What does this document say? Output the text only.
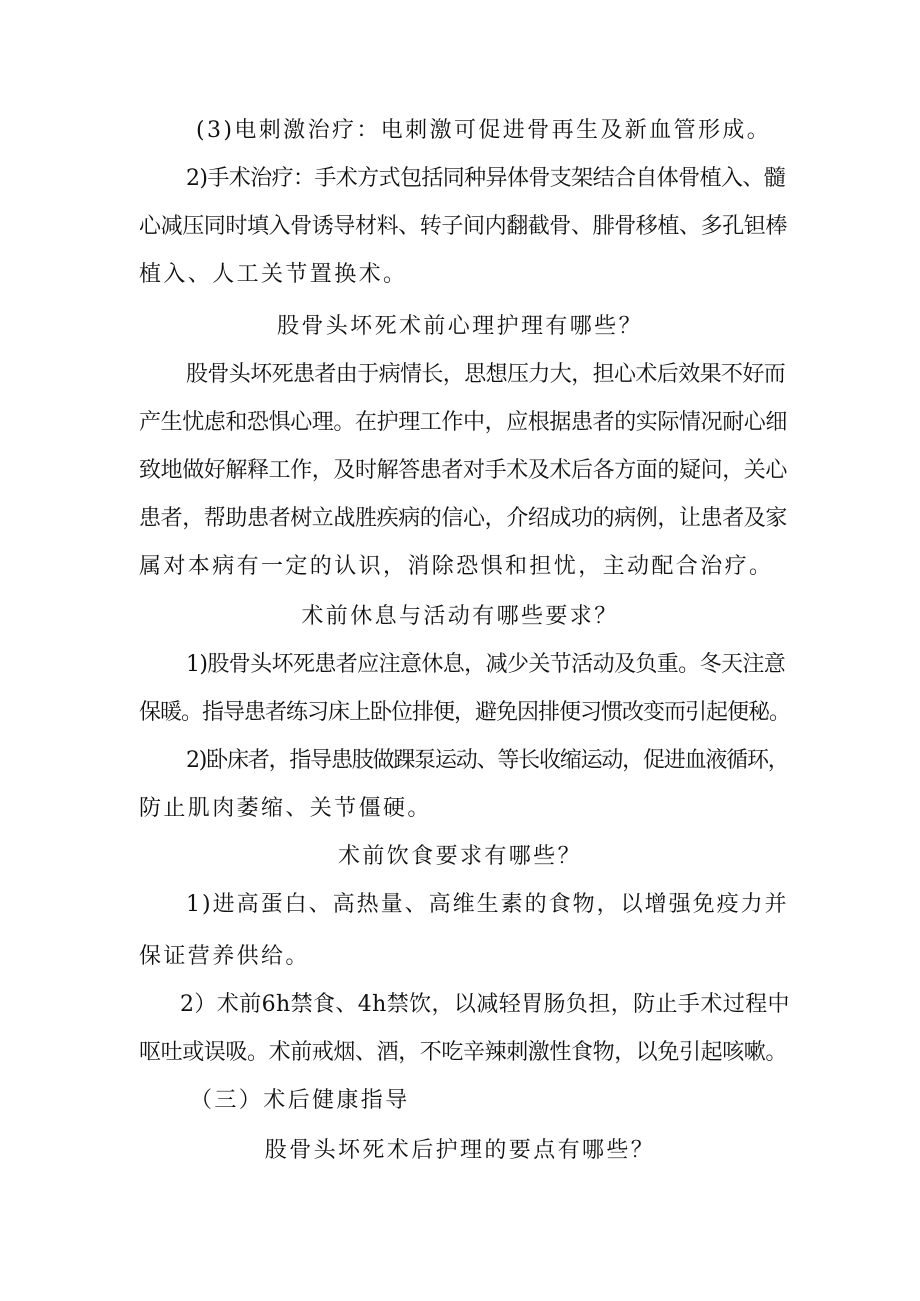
(3)电刺激治疗：电刺激可促进骨再生及新血管形成。

2)手术治疗：手术方式包括同种异体骨支架结合自体骨植入、髓

心减压同时填入骨诱导材料、转子间内翻截骨、腓骨移植、多孔钽棒

植入、人工关节置换术。

股骨头坏死术前心理护理有哪些？

股骨头坏死患者由于病情长，思想压力大，担心术后效果不好而

产生忧虑和恐惧心理。在护理工作中，应根据患者的实际情况耐心细

致地做好解释工作，及时解答患者对手术及术后各方面的疑问，关心

患者，帮助患者树立战胜疾病的信心，介绍成功的病例，让患者及家

属对本病有一定的认识，消除恐惧和担忧，主动配合治疗。

术前休息与活动有哪些要求？

1)股骨头坏死患者应注意休息，减少关节活动及负重。冬天注意

保暖。指导患者练习床上卧位排便，避免因排便习惯改变而引起便秘。

2)卧床者，指导患肢做踝泵运动、等长收缩运动，促进血液循环，

防止肌肉萎缩、关节僵硬。

术前饮食要求有哪些？

1)进高蛋白、高热量、高维生素的食物，以增强免疫力并

保证营养供给。

2）术前6h禁食、4h禁饮，以减轻胃肠负担，防止手术过程中

呕吐或误吸。术前戒烟、酒，不吃辛辣刺激性食物，以免引起咳嗽。

（三）术后健康指导

股骨头坏死术后护理的要点有哪些？
